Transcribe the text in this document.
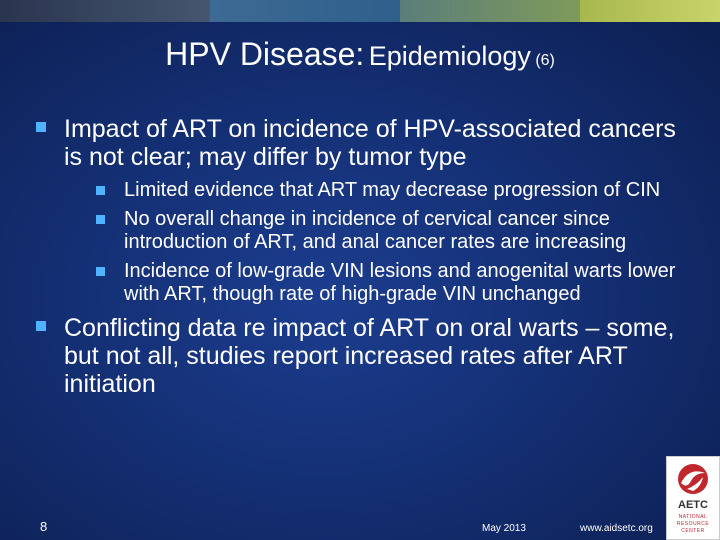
HPV Disease: Epidemiology (6)
Impact of ART on incidence of HPV-associated cancers is not clear; may differ by tumor type
Limited evidence that ART may decrease progression of CIN
No overall change in incidence of cervical cancer since introduction of ART, and anal cancer rates are increasing
Incidence of low-grade VIN lesions and anogenital warts lower with ART, though rate of high-grade VIN unchanged
Conflicting data re impact of ART on oral warts – some, but not all, studies report increased rates after ART initiation
8	May 2013	www.aidsetc.org
AETC
NATIONAL
RESOURCE
CENTER
